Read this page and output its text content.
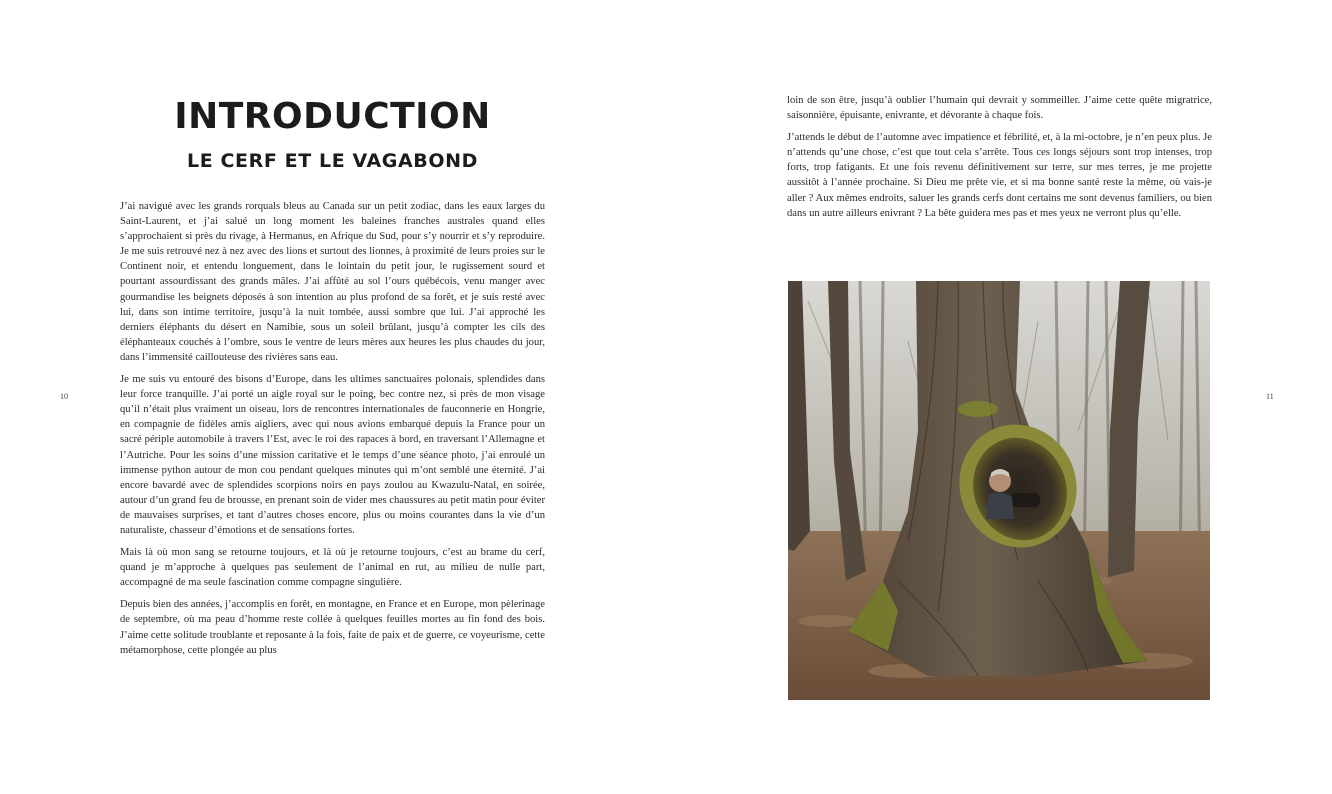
INTRODUCTION
LE CERF ET LE VAGABOND

J’ai navigué avec les grands rorquals bleus au Canada sur un petit zodiac, dans les eaux larges du Saint-Laurent, et j’ai salué un long moment les baleines franches australes quand elles s’approchaient si près du rivage, à Hermanus, en Afrique du Sud, pour s’y nourrir et s’y reproduire. Je me suis retrouvé nez à nez avec des lions et surtout des lionnes, à proximité de leurs proies sur le Continent noir, et entendu longuement, dans le lointain du petit jour, le rugissement sourd et pourtant assourdissant des grands mâles. J’ai affûté au sol l’ours québécois, venu manger avec gourmandise les beignets déposés à son intention au plus profond de sa forêt, et je suis resté avec lui, dans son intime territoire, jusqu’à la nuit tombée, aussi sombre que lui. J’ai approché les derniers éléphants du désert en Namibie, sous un soleil brûlant, jusqu’à compter les cils des éléphanteaux couchés à l’ombre, sous le ventre de leurs mères aux heures les plus chaudes du jour, dans l’immensité caillouteuse des rivières sans eau.

Je me suis vu entouré des bisons d’Europe, dans les ultimes sanctuaires polonais, splendides dans leur force tranquille. J’ai porté un aigle royal sur le poing, bec contre nez, si près de mon visage qu’il n’était plus vraiment un oiseau, lors de rencontres internationales de fauconnerie en Hongrie, en compagnie de fidèles amis aigliers, avec qui nous avions embarqué depuis la France pour un sacré périple automobile à travers l’Est, avec le roi des rapaces à bord, en traversant l’Allemagne et l’Autriche. Pour les soins d’une mission caritative et le temps d’une séance photo, j’ai enroulé un immense python autour de mon cou pendant quelques minutes qui m’ont semblé une éternité. J’ai encore bavardé avec de splendides scorpions noirs en pays zoulou au Kwazulu-Natal, en soirée, autour d’un grand feu de brousse, en prenant soin de vider mes chaussures au petit matin pour éviter de mauvaises surprises, et tant d’autres choses encore, plus ou moins courantes dans la vie d’un naturaliste, chasseur d’émotions et de sensations fortes.

Mais là où mon sang se retourne toujours, et là où je retourne toujours, c’est au brame du cerf, quand je m’approche à quelques pas seulement de l’animal en rut, au milieu de nulle part, accompagné de ma seule fascination comme compagne singulière.

Depuis bien des années, j’accomplis en forêt, en montagne, en France et en Europe, mon pèlerinage de septembre, où ma peau d’homme reste collée à quelques feuilles mortes au fin fond des bois. J’aime cette solitude troublante et reposante à la fois, faite de paix et de guerre, ce voyeurisme, cette métamorphose, cette plongée au plus

10

loin de son être, jusqu’à oublier l’humain qui devrait y sommeiller. J’aime cette quête migratrice, saisonnière, épuisante, enivrante, et dévorante à chaque fois.

J’attends le début de l’automne avec impatience et fébrilité, et, à la mi-octobre, je n’en peux plus. Je n’attends qu’une chose, c’est que tout cela s’arrête. Tous ces longs séjours sont trop intenses, trop forts, trop fatigants. Et une fois revenu définitivement sur terre, sur mes terres, je me projette aussitôt à l’année prochaine. Si Dieu me prête vie, et si ma bonne santé reste la même, où vais-je aller ? Aux mêmes endroits, saluer les grands cerfs dont certains me sont devenus familiers, ou bien dans un autre ailleurs enivrant ? La bête guidera mes pas et mes yeux ne verront plus qu’elle.

11
